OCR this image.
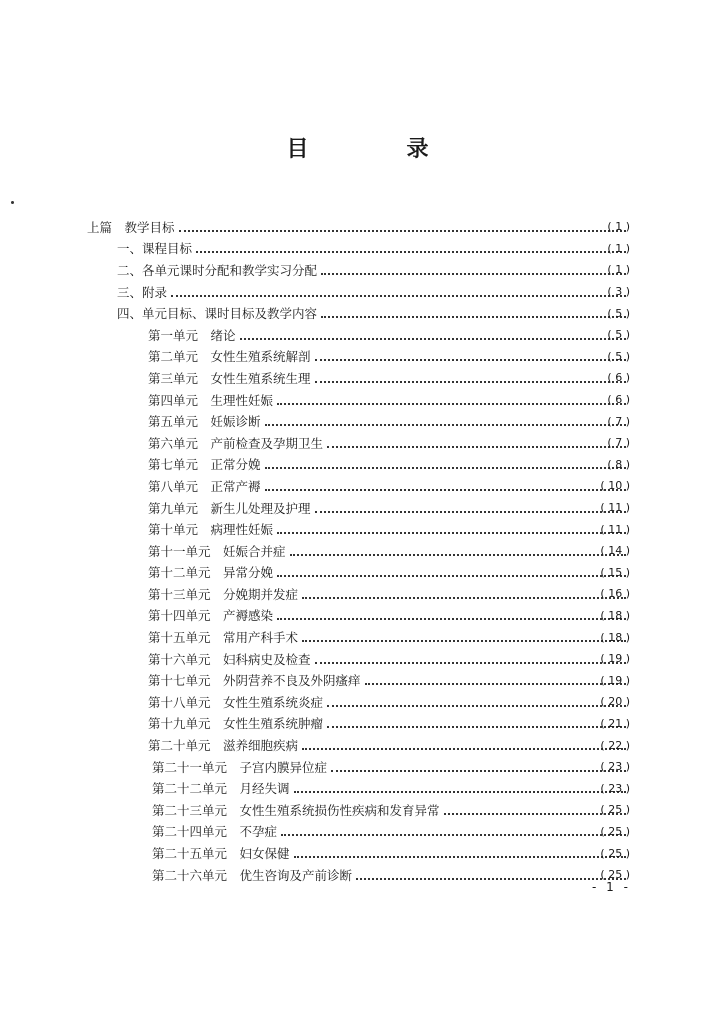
目　录
上篇　教学目标	( 1 )
一、课程目标	( 1 )
二、各单元课时分配和教学实习分配	( 1 )
三、附录	( 3 )
四、单元目标、课时目标及教学内容	( 5 )
第一单元　绪论	( 5 )
第二单元　女性生殖系统解剖	( 5 )
第三单元　女性生殖系统生理	( 6 )
第四单元　生理性妊娠	( 6 )
第五单元　妊娠诊断	( 7 )
第六单元　产前检查及孕期卫生	( 7 )
第七单元　正常分娩	( 8 )
第八单元　正常产褥	( 10 )
第九单元　新生儿处理及护理	( 11 )
第十单元　病理性妊娠	( 11 )
第十一单元　妊娠合并症	( 14 )
第十二单元　异常分娩	( 15 )
第十三单元　分娩期并发症	( 16 )
第十四单元　产褥感染	( 18 )
第十五单元　常用产科手术	( 18 )
第十六单元　妇科病史及检查	( 19 )
第十七单元　外阴营养不良及外阴瘙痒	( 19 )
第十八单元　女性生殖系统炎症	( 20 )
第十九单元　女性生殖系统肿瘤	( 21 )
第二十单元　滋养细胞疾病	( 22 )
第二十一单元　子宫内膜异位症	( 23 )
第二十二单元　月经失调	( 23 )
第二十三单元　女性生殖系统损伤性疾病和发育异常	( 25 )
第二十四单元　不孕症	( 25 )
第二十五单元　妇女保健	( 25 )
第二十六单元　优生咨询及产前诊断	( 25 )
- 1 -
